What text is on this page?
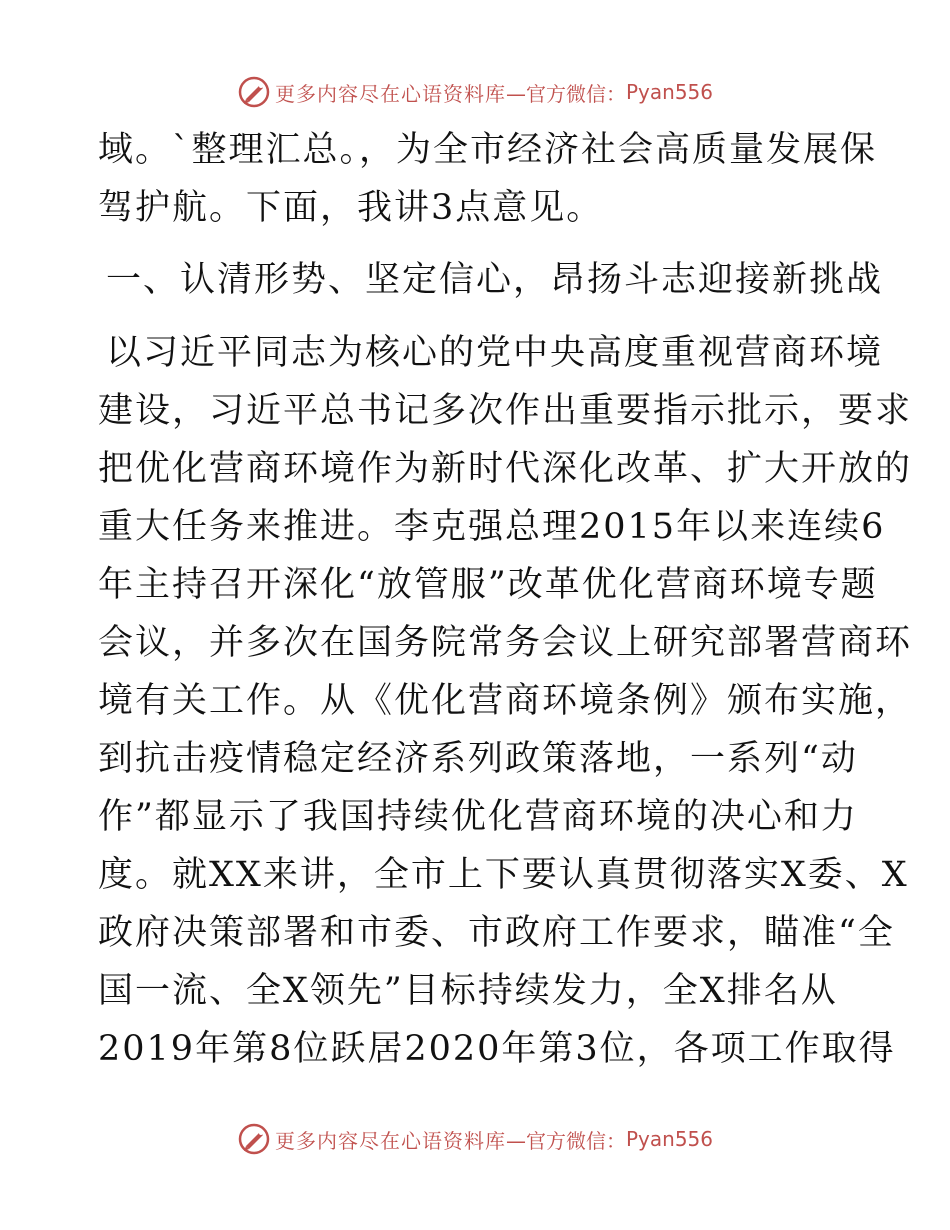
更多内容尽在心语资料库 —官方微信： Pyan556
域。`整理汇总。，为全市经济社会高质量发展保
驾护航。下面，我讲3点意见。
一、认清形势、坚定信心，昂扬斗志迎接新挑战
以习近平同志为核心的党中央高度重视营商环境
建设，习近平总书记多次作出重要指示批示，要求
把优化营商环境作为新时代深化改革、扩大开放的
重大任务来推进。李克强总理2015年以来连续6
年主持召开深化“放管服”改革优化营商环境专题
会议，并多次在国务院常务会议上研究部署营商环
境有关工作。从《优化营商环境条例》颁布实施，
到抗击疫情稳定经济系列政策落地，一系列“动
作”都显示了我国持续优化营商环境的决心和力
度。就XX来讲，全市上下要认真贯彻落实X委、X
政府决策部署和市委、市政府工作要求，瞄准“全
国一流、全X领先”目标持续发力，全X排名从
2019年第8位跃居2020年第3位，各项工作取得
更多内容尽在心语资料库 —官方微信： Pyan556
